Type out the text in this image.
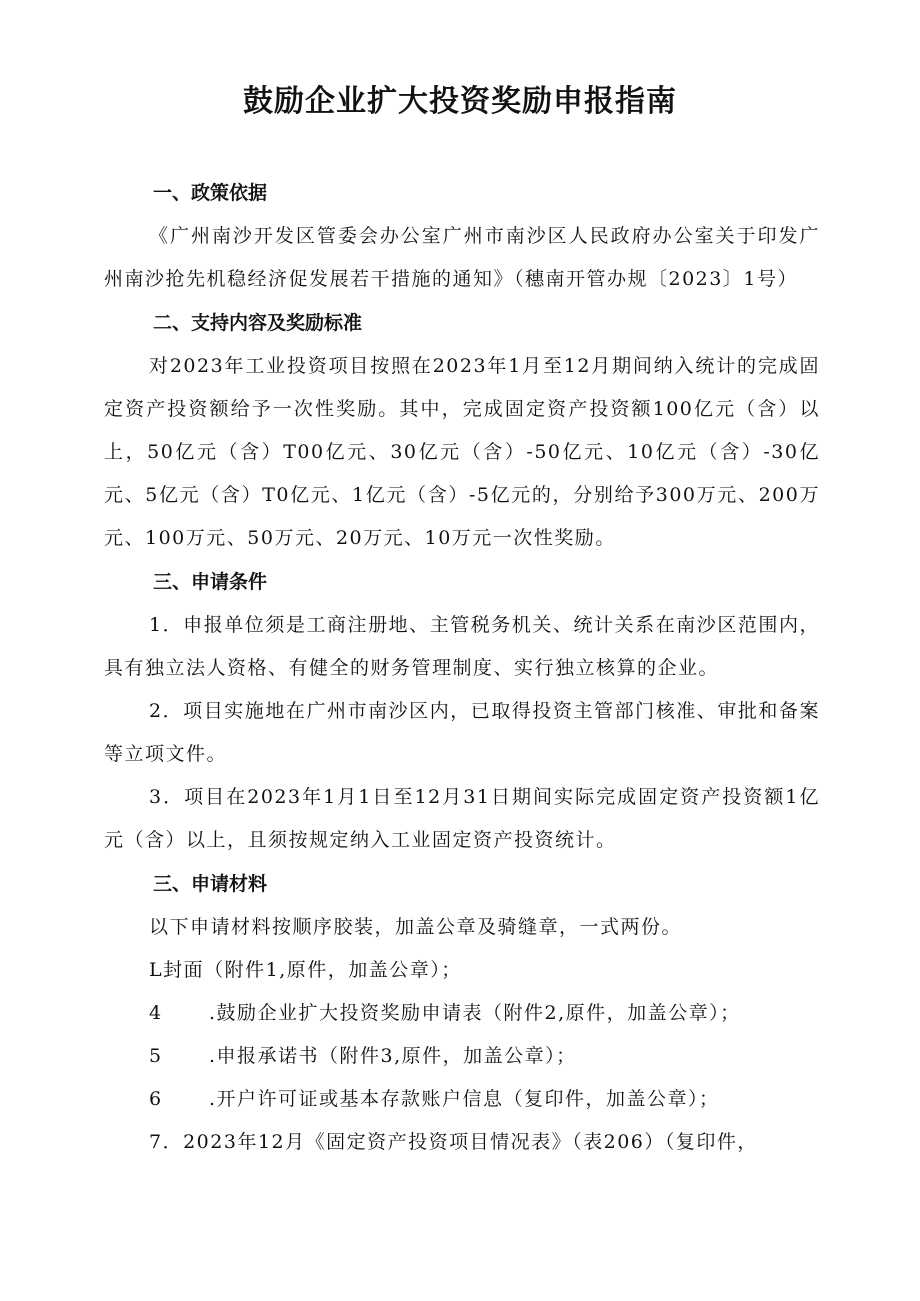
鼓励企业扩大投资奖励申报指南

一、政策依据

《广州南沙开发区管委会办公室广州市南沙区人民政府办公室关于印发广州南沙抢先机稳经济促发展若干措施的通知》（穗南开管办规〔2023〕1号）

二、支持内容及奖励标准

对2023年工业投资项目按照在2023年1月至12月期间纳入统计的完成固定资产投资额给予一次性奖励。其中，完成固定资产投资额100亿元（含）以上，50亿元（含）T00亿元、30亿元（含）-50亿元、10亿元（含）-30亿元、5亿元（含）T0亿元、1亿元（含）-5亿元的，分别给予300万元、200万元、100万元、50万元、20万元、10万元一次性奖励。

三、申请条件

1．申报单位须是工商注册地、主管税务机关、统计关系在南沙区范围内，具有独立法人资格、有健全的财务管理制度、实行独立核算的企业。

2．项目实施地在广州市南沙区内，已取得投资主管部门核准、审批和备案等立项文件。

3．项目在2023年1月1日至12月31日期间实际完成固定资产投资额1亿元（含）以上，且须按规定纳入工业固定资产投资统计。

三、申请材料

以下申请材料按顺序胶装，加盖公章及骑缝章，一式两份。

L封面（附件1,原件，加盖公章）；

4 .鼓励企业扩大投资奖励申请表（附件2,原件，加盖公章）；

5 .申报承诺书（附件3,原件，加盖公章）；

6 .开户许可证或基本存款账户信息（复印件，加盖公章）；

7．2023年12月《固定资产投资项目情况表》（表206）（复印件，
